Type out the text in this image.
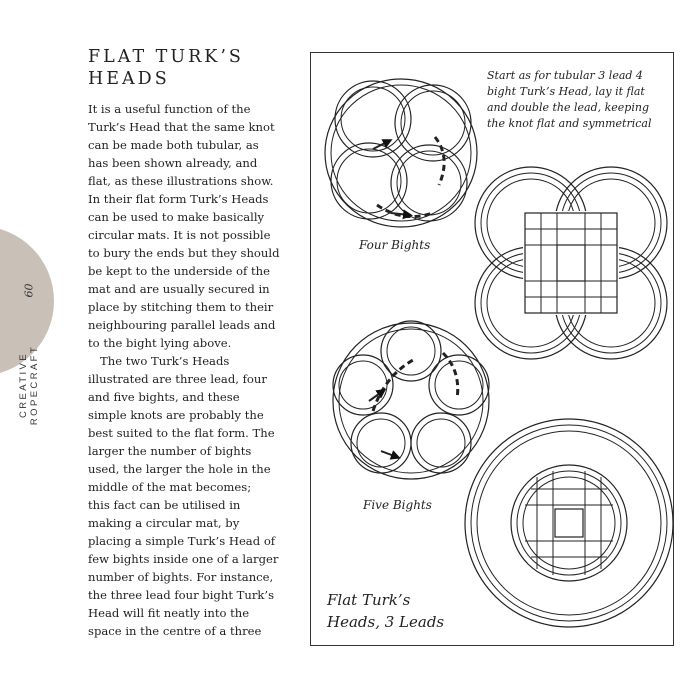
60
CREATIVE ROPECRAFT
FLAT TURK’S
HEADS

It is a useful function of the
Turk’s Head that the same knot
can be made both tubular, as
has been shown already, and
flat, as these illustrations show.
In their flat form Turk’s Heads
can be used to make basically
circular mats. It is not possible
to bury the ends but they should
be kept to the underside of the
mat and are usually secured in
place by stitching them to their
neighbouring parallel leads and
to the bight lying above.

The two Turk’s Heads
illustrated are three lead, four
and five bights, and these
simple knots are probably the
best suited to the flat form. The
larger the number of bights
used, the larger the hole in the
middle of the mat becomes;
this fact can be utilised in
making a circular mat, by
placing a simple Turk’s Head of
few bights inside one of a larger
number of bights. For instance,
the three lead four bight Turk’s
Head will fit neatly into the
space in the centre of a three

Start as for tubular 3 lead 4 bight Turk’s Head, lay it flat and double the lead, keeping the knot flat and symmetrical
Four Bights
Five Bights
Flat Turk’s Heads, 3 Leads
